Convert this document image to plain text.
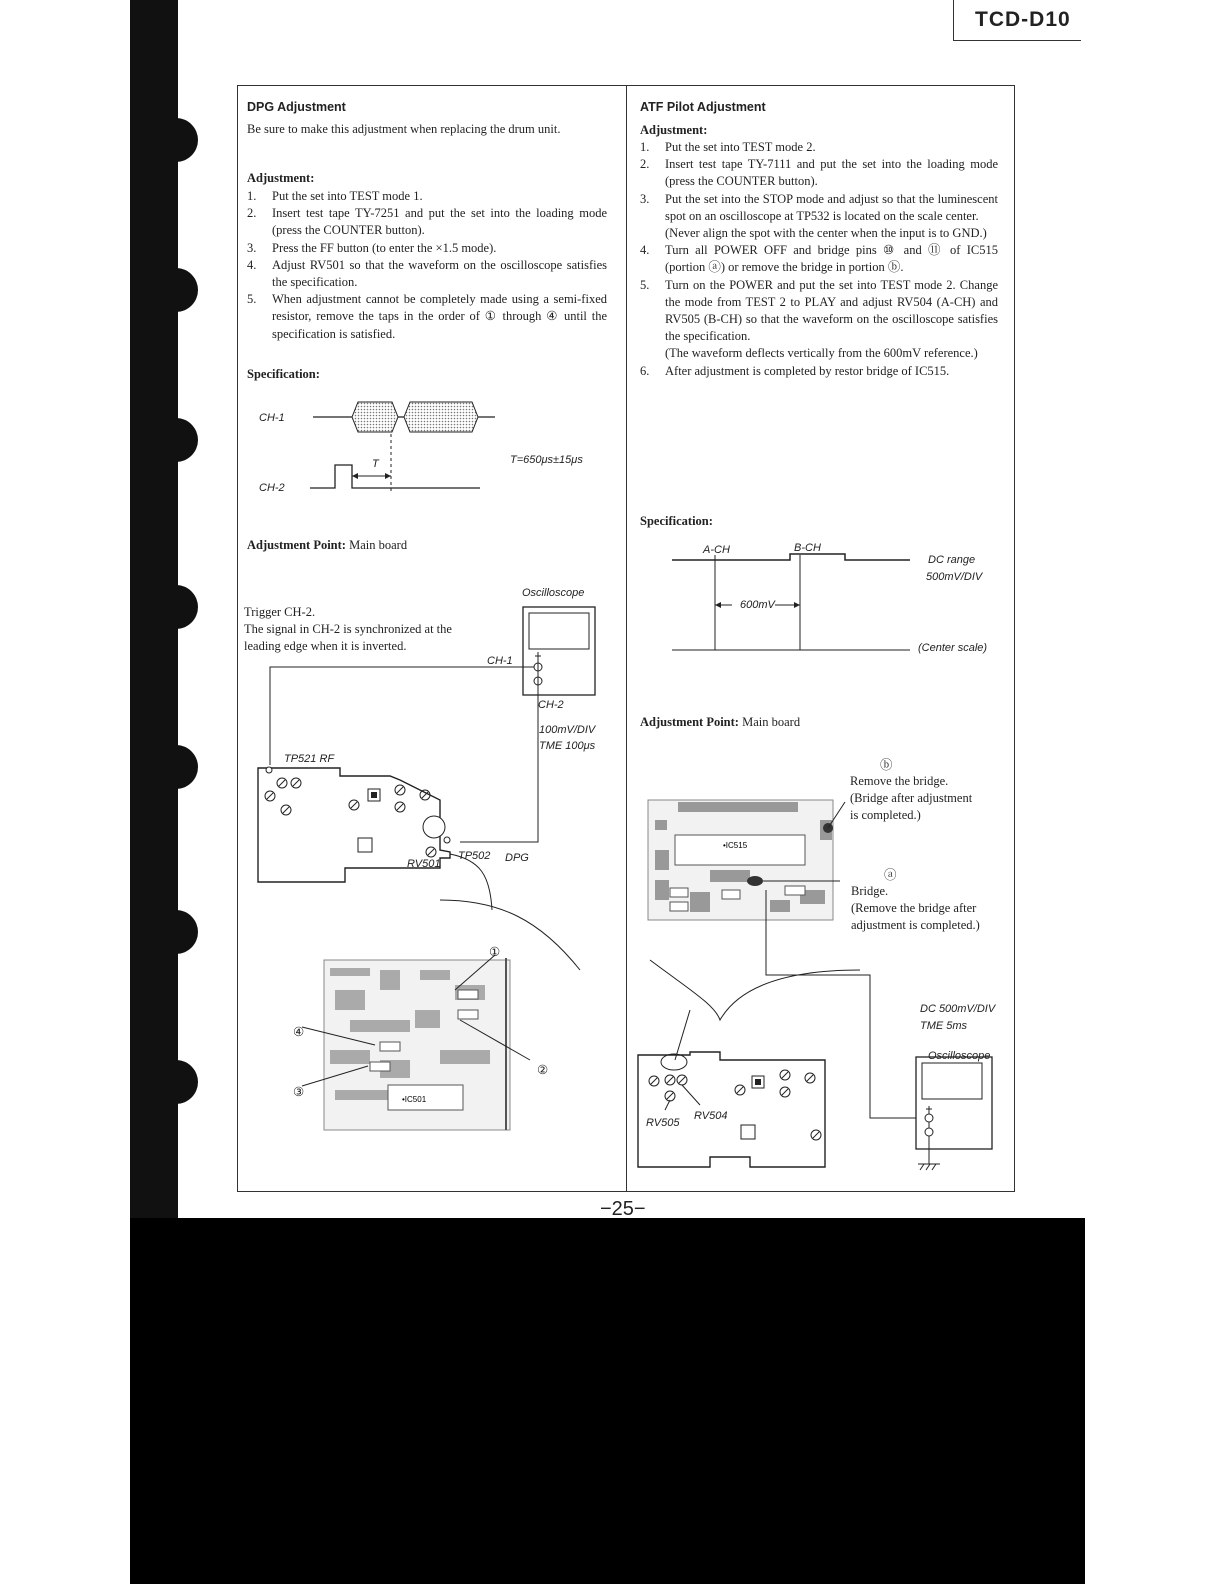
TCD-D10
DPG Adjustment
Be sure to make this adjustment when replacing the drum unit.
Adjustment:
1. Put the set into TEST mode 1.
2. Insert test tape TY-7251 and put the set into the loading mode (press the COUNTER button).
3. Press the FF button (to enter the ×1.5 mode).
4. Adjust RV501 so that the waveform on the oscilloscope satisfies the specification.
5. When adjustment cannot be completely made using a semi-fixed resistor, remove the taps in the order of ① through ④ until the specification is satisfied.
Specification:
CH-1
CH-2
T	T=650μs±15μs
Adjustment Point: Main board
Trigger CH-2.
The signal in CH-2 is synchronized at the
leading edge when it is inverted.
•IC501
Oscilloscope
CH-1
CH-2
100mV/DIV
TME 100μs
TP521 RF
RV501
TP502 DPG
①
②
③
④
ATF Pilot Adjustment
Adjustment:
1. Put the set into TEST mode 2.
2. Insert test tape TY-7111 and put the set into the loading mode (press the COUNTER button).
3. Put the set into the STOP mode and adjust so that the luminescent spot on an oscilloscope at TP532 is located on the scale center.
(Never align the spot with the center when the input is to GND.)
4. Turn all POWER OFF and bridge pins ⑩ and ⑪ of IC515 (portion ⓐ) or remove the bridge in portion ⓑ.
5. Turn on the POWER and put the set into TEST mode 2. Change the mode from TEST 2 to PLAY and adjust RV504 (A-CH) and RV505 (B-CH) so that the waveform on the oscilloscope satisfies the specification.
(The waveform deflects vertically from the 600mV reference.)
6. After adjustment is completed by restor bridge of IC515.
Specification:
A-CH	B-CH
DC range
500mV/DIV
600mV
(Center scale)
Adjustment Point: Main board
•IC515
ⓑ
Remove the bridge.
(Bridge after adjustment
is completed.)
ⓐ
Bridge.
(Remove the bridge after
adjustment is completed.)
DC 500mV/DIV
TME 5ms
Oscilloscope
RV505
RV504
−25−
